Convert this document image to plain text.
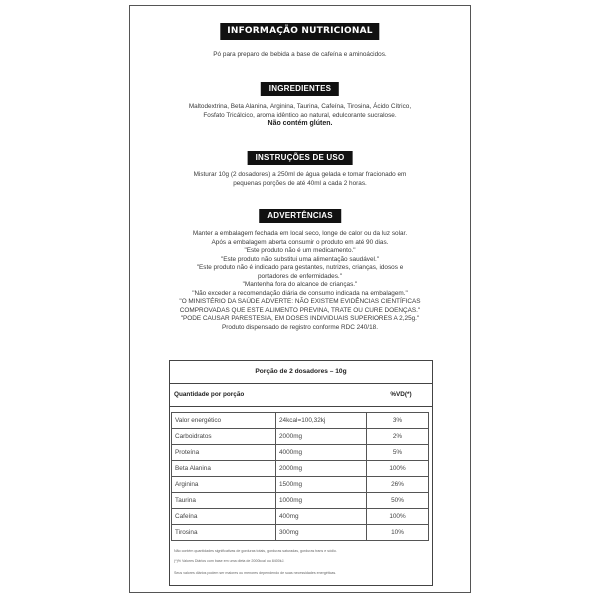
INFORMAÇÃO NUTRICIONAL
Pó para preparo de bebida a base de cafeína e aminoácidos.
INGREDIENTES
Maltodextrina, Beta Alanina, Arginina, Taurina, Cafeína, Tirosina, Ácido Cítrico,
Fosfato Tricálcico, aroma idêntico ao natural, edulcorante sucralose.
Não contém glúten.
INSTRUÇÕES DE USO
Misturar 10g (2 dosadores) a 250ml de água gelada e tomar fracionado em
pequenas porções de até 40ml a cada 2 horas.
ADVERTÊNCIAS
Manter a embalagem fechada em local seco, longe de calor ou da luz solar.
Após a embalagem aberta consumir o produto em até 90 dias.
"Este produto não é um medicamento."
"Este produto não substitui uma alimentação saudável."
"Este produto não é indicado para gestantes, nutrizes, crianças, idosos e
portadores de enfermidades."
"Mantenha fora do alcance de crianças."
"Não exceder a recomendação diária de consumo indicada na embalagem."
"O MINISTÉRIO DA SAÚDE ADVERTE: NÃO EXISTEM EVIDÊNCIAS CIENTÍFICAS
COMPROVADAS QUE ESTE ALIMENTO PREVINA, TRATE OU CURE DOENÇAS."
"PODE CAUSAR PARESTESIA, EM DOSES INDIVIDUAIS SUPERIORES A 2,25g."
Produto dispensado de registro conforme RDC 240/18.
Porção de 2 dosadores – 10g
Quantidade por porção	%VD(*)
Valor energético	24kcal=100,32kj	3%
Carboidratos	2000mg	2%
Proteína	4000mg	5%
Beta Alanina	2000mg	100%
Arginina	1500mg	26%
Taurina	1000mg	50%
Cafeína	400mg	100%
Tirosina	300mg	10%
Não contém quantidades significativas de gorduras totais, gorduras saturadas, gorduras trans e sódio.
(*)% Valores Diários com base em uma dieta de 2000kcal ou 8400kJ.
Seus valores diários podem ser maiores ou menores dependendo de suas necessidades energéticas.
